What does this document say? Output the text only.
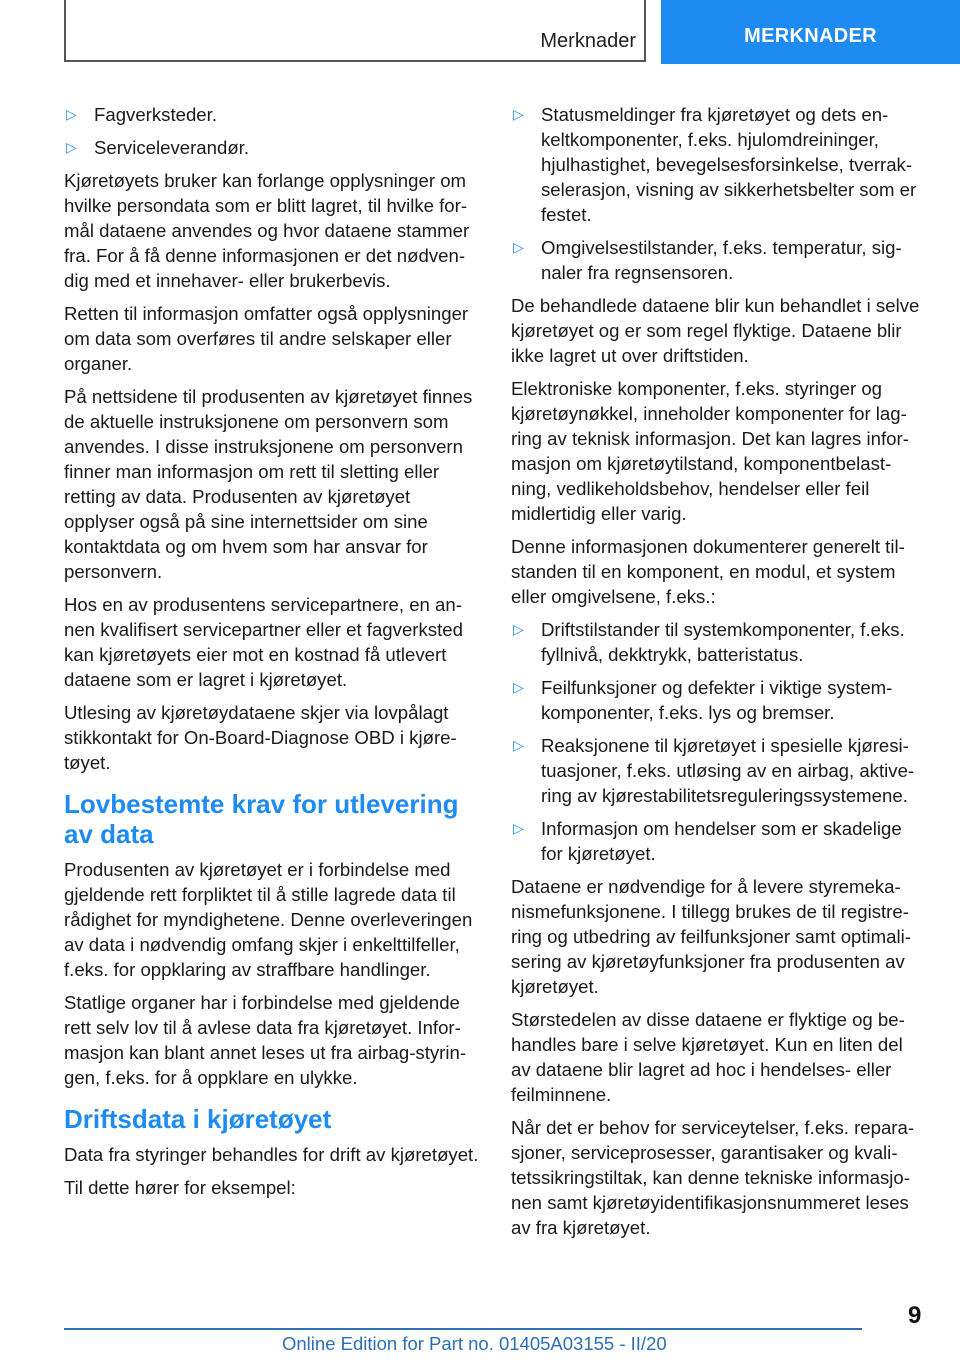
Merknader	MERKNADER
▷ Fagverksteder.
▷ Serviceleverandør.

Kjøretøyets bruker kan forlange opplysninger om hvilke persondata som er blitt lagret, til hvilke formål dataene anvendes og hvor dataene stammer fra. For å få denne informasjonen er det nødvendig med et innehaver- eller brukerbevis.

Retten til informasjon omfatter også opplysninger om data som overføres til andre selskaper eller organer.

På nettsidene til produsenten av kjøretøyet finnes de aktuelle instruksjonene om personvern som anvendes. I disse instruksjonene om personvern finner man informasjon om rett til sletting eller retting av data. Produsenten av kjøretøyet opplyser også på sine internettsider om sine kontaktdata og om hvem som har ansvar for personvern.

Hos en av produsentens servicepartnere, en annen kvalifisert servicepartner eller et fagverksted kan kjøretøyets eier mot en kostnad få utlevert dataene som er lagret i kjøretøyet.

Utlesing av kjøretøydataene skjer via lovpålagt stikkontakt for On-Board-Diagnose OBD i kjøretøyet.

Lovbestemte krav for utlevering av data

Produsenten av kjøretøyet er i forbindelse med gjeldende rett forpliktet til å stille lagrede data til rådighet for myndighetene. Denne overleveringen av data i nødvendig omfang skjer i enkelttilfeller, f.eks. for oppklaring av straffbare handlinger.

Statlige organer har i forbindelse med gjeldende rett selv lov til å avlese data fra kjøretøyet. Informasjon kan blant annet leses ut fra airbag-styringen, f.eks. for å oppklare en ulykke.

Driftsdata i kjøretøyet

Data fra styringer behandles for drift av kjøretøyet.

Til dette hører for eksempel:

▷ Statusmeldinger fra kjøretøyet og dets enkeltkomponenter, f.eks. hjulomdreininger, hjulhastighet, bevegelsesforsinkelse, tverrakselerasjon, visning av sikkerhetsbelter som er festet.
▷ Omgivelsestilstander, f.eks. temperatur, signaler fra regnsensoren.

De behandlede dataene blir kun behandlet i selve kjøretøyet og er som regel flyktige. Dataene blir ikke lagret ut over driftstiden.

Elektroniske komponenter, f.eks. styringer og kjøretøynøkkel, inneholder komponenter for lagring av teknisk informasjon. Det kan lagres informasjon om kjøretøytilstand, komponentbelastning, vedlikeholdsbehov, hendelser eller feil midlertidig eller varig.

Denne informasjonen dokumenterer generelt tilstanden til en komponent, en modul, et system eller omgivelsene, f.eks.:

▷ Driftstilstander til systemkomponenter, f.eks. fyllnivå, dekktrykk, batteristatus.
▷ Feilfunksjoner og defekter i viktige systemkomponenter, f.eks. lys og bremser.
▷ Reaksjonene til kjøretøyet i spesielle kjøresituasjoner, f.eks. utløsing av en airbag, aktivering av kjørestabilitetsreguleringssystemene.
▷ Informasjon om hendelser som er skadelige for kjøretøyet.

Dataene er nødvendige for å levere styremekanismefunksjonene. I tillegg brukes de til registrering og utbedring av feilfunksjoner samt optimalisering av kjøretøyfunksjoner fra produsenten av kjøretøyet.

Størstedelen av disse dataene er flyktige og behandles bare i selve kjøretøyet. Kun en liten del av dataene blir lagret ad hoc i hendelses- eller feilminnene.

Når det er behov for serviceytelser, f.eks. reparasjoner, serviceprosesser, garantisaker og kvalitetssikringstiltak, kan denne tekniske informasjonen samt kjøretøyidentifikasjonsnummeret leses av fra kjøretøyet.

9
Online Edition for Part no. 01405A03155 - II/20
